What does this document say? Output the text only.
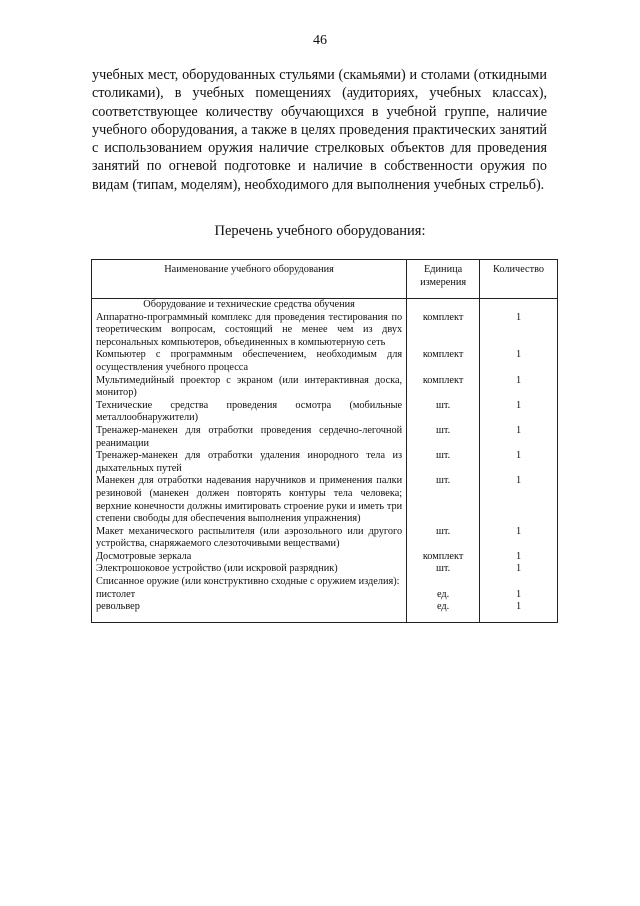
46

учебных мест, оборудованных стульями (скамьями) и столами (откидными столиками), в учебных помещениях (аудиториях, учебных классах), соответствующее количеству обучающихся в учебной группе, наличие учебного оборудования, а также в целях проведения практических занятий с использованием оружия наличие стрелковых объектов для проведения занятий по огневой подготовке и наличие в собственности оружия по видам (типам, моделям), необходимого для выполнения учебных стрельб).

Перечень учебного оборудования:
Наименование учебного оборудования	Единица измерения	Количество
Оборудование и технические средства обучения		
Аппаратно-программный комплекс для проведения тестирования по теоретическим вопросам, состоящий не менее чем из двух персональных компьютеров, объединенных в компьютерную сеть	комплект	1
Компьютер с программным обеспечением, необходимым для осуществления учебного процесса	комплект	1
Мультимедийный проектор с экраном (или интерактивная доска, монитор)	комплект	1
Технические средства проведения осмотра (мобильные металлообнаружители)	шт.	1
Тренажер-манекен для отработки проведения сердечно-легочной реанимации	шт.	1
Тренажер-манекен для отработки удаления инородного тела из дыхательных путей	шт.	1
Манекен для отработки надевания наручников и применения палки резиновой (манекен должен повторять контуры тела человека; верхние конечности должны имитировать строение руки и иметь три степени свободы для обеспечения выполнения упражнения)	шт.	1
Макет механического распылителя (или аэрозольного или другого устройства, снаряжаемого слезоточивыми веществами)	шт.	1
Досмотровые зеркала	комплект	1
Электрошоковое устройство (или искровой разрядник)	шт.	1
Списанное оружие (или конструктивно сходные с оружием изделия):		
пистолет	ед.	1
револьвер	ед.	1
